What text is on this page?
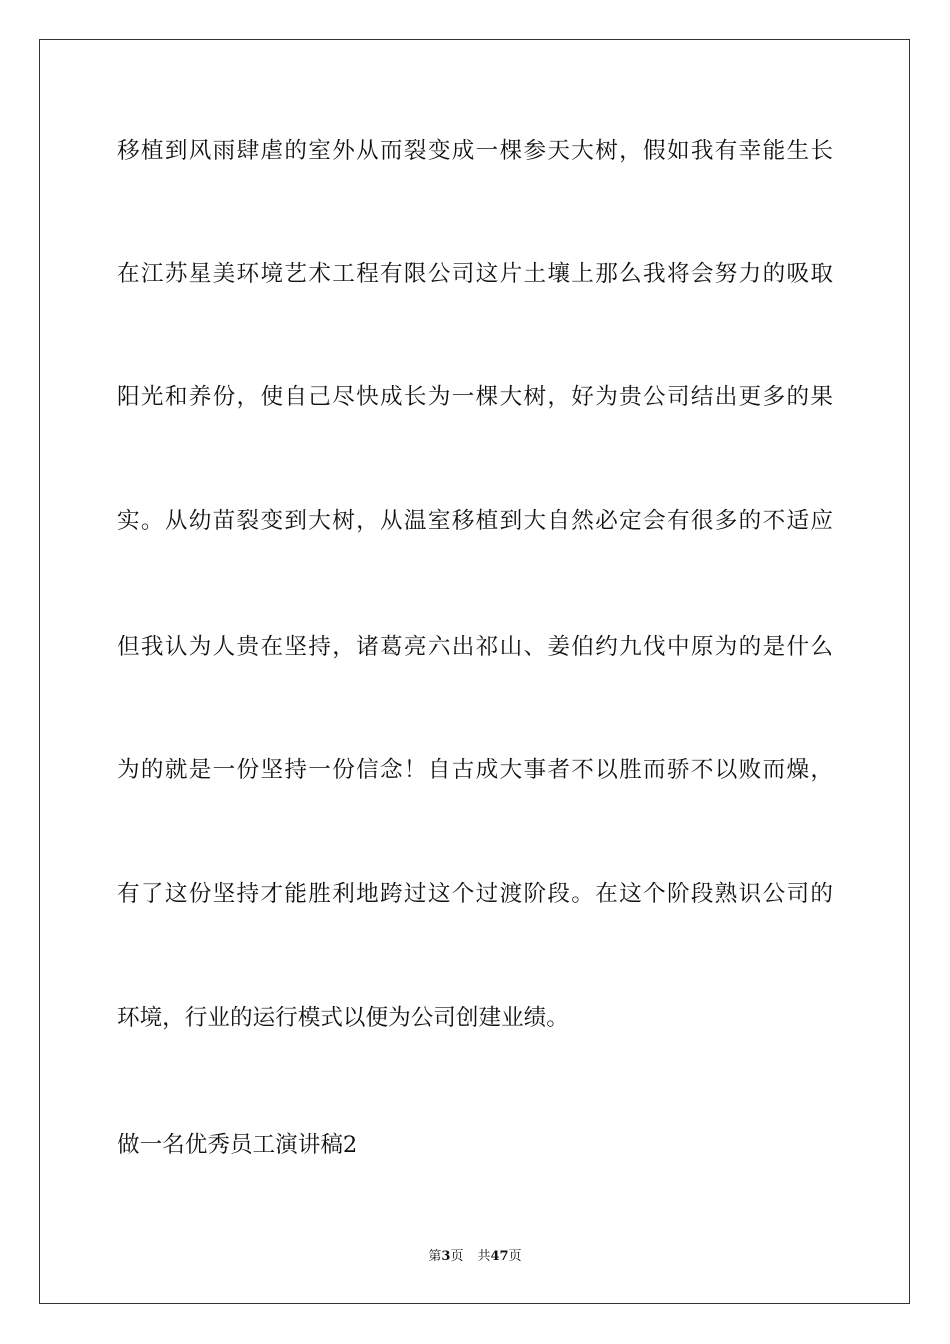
移植到风雨肆虐的室外从而裂变成一棵参天大树，假如我有幸能生长
在江苏星美环境艺术工程有限公司这片土壤上那么我将会努力的吸取
阳光和养份，使自己尽快成长为一棵大树，好为贵公司结出更多的果
实。从幼苗裂变到大树，从温室移植到大自然必定会有很多的不适应
但我认为人贵在坚持，诸葛亮六出祁山、姜伯约九伐中原为的是什么
为的就是一份坚持一份信念！自古成大事者不以胜而骄不以败而燥，
有了这份坚持才能胜利地跨过这个过渡阶段。在这个阶段熟识公司的
环境，行业的运行模式以便为公司创建业绩。
做一名优秀员工演讲稿2
第3页 共47页
